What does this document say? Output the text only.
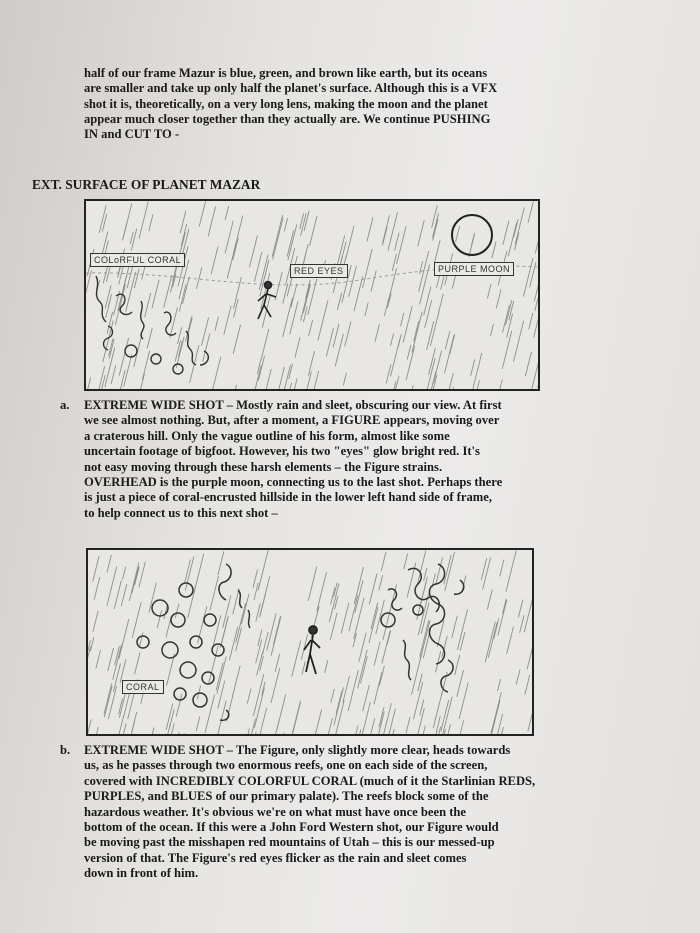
half of our frame Mazur is blue, green, and brown like earth, but its oceans
are smaller and take up only half the planet's surface. Although this is a VFX
shot it is, theoretically, on a very long lens, making the moon and the planet
appear much closer together than they actually are. We continue PUSHING
IN and CUT TO -
EXT. SURFACE OF PLANET MAZAR
COLoRFUL CORAL
RED EYES	PURPLE MOON
a. EXTREME WIDE SHOT – Mostly rain and sleet, obscuring our view. At first
we see almost nothing. But, after a moment, a FIGURE appears, moving over
a craterous hill. Only the vague outline of his form, almost like some
uncertain footage of bigfoot. However, his two "eyes" glow bright red. It's
not easy moving through these harsh elements – the Figure strains.
OVERHEAD is the purple moon, connecting us to the last shot. Perhaps there
is just a piece of coral-encrusted hillside in the lower left hand side of frame,
to help connect us to this next shot –
CORAL
b. EXTREME WIDE SHOT – The Figure, only slightly more clear, heads towards
us, as he passes through two enormous reefs, one on each side of the screen,
covered with INCREDIBLY COLORFUL CORAL (much of it the Starlinian REDS,
PURPLES, and BLUES of our primary palate). The reefs block some of the
hazardous weather. It's obvious we're on what must have once been the
bottom of the ocean. If this were a John Ford Western shot, our Figure would
be moving past the misshapen red mountains of Utah – this is our messed-up
version of that. The Figure's red eyes flicker as the rain and sleet comes
down in front of him.
